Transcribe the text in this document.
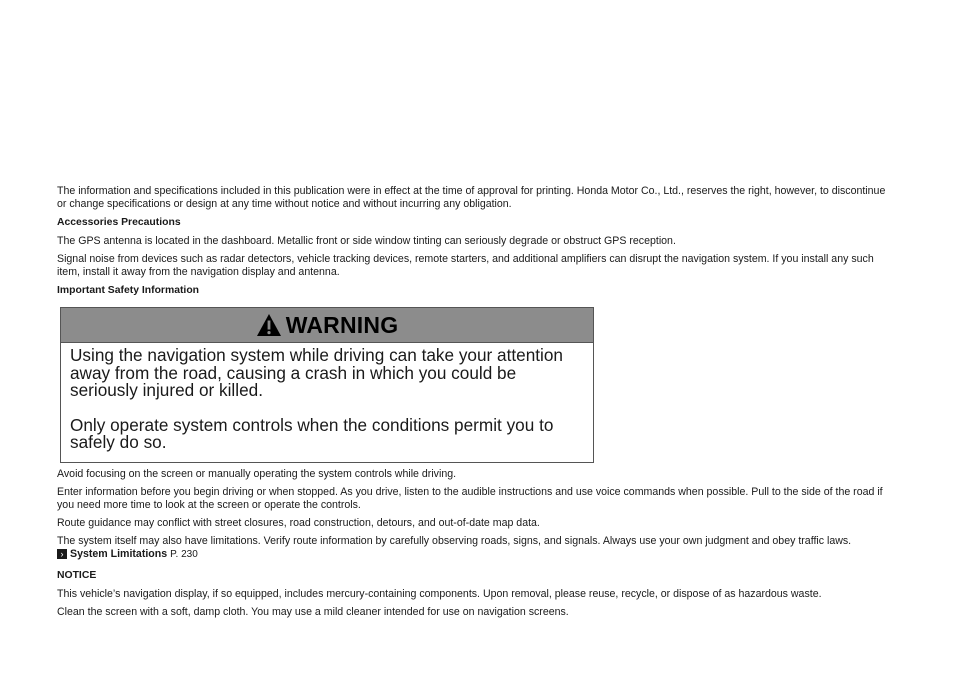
The information and specifications included in this publication were in effect at the time of approval for printing. Honda Motor Co., Ltd., reserves the right, however, to discontinue or change specifications or design at any time without notice and without incurring any obligation.

Accessories Precautions

The GPS antenna is located in the dashboard. Metallic front or side window tinting can seriously degrade or obstruct GPS reception.

Signal noise from devices such as radar detectors, vehicle tracking devices, remote starters, and additional amplifiers can disrupt the navigation system. If you install any such item, install it away from the navigation display and antenna.

Important Safety Information

WARNING

Using the navigation system while driving can take your attention away from the road, causing a crash in which you could be seriously injured or killed.

Only operate system controls when the conditions permit you to safely do so.

Avoid focusing on the screen or manually operating the system controls while driving.

Enter information before you begin driving or when stopped. As you drive, listen to the audible instructions and use voice commands when possible. Pull to the side of the road if you need more time to look at the screen or operate the controls.

Route guidance may conflict with street closures, road construction, detours, and out-of-date map data.

The system itself may also have limitations. Verify route information by carefully observing roads, signs, and signals. Always use your own judgment and obey traffic laws.

› System Limitations P. 230

NOTICE

This vehicle’s navigation display, if so equipped, includes mercury-containing components. Upon removal, please reuse, recycle, or dispose of as hazardous waste.

Clean the screen with a soft, damp cloth. You may use a mild cleaner intended for use on navigation screens.
